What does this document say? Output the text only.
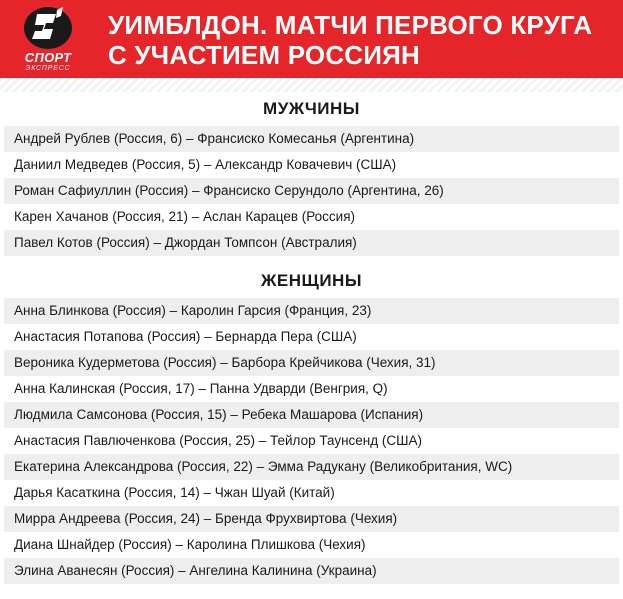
СПОРТ
ЭКСПРЕСС
УИМБЛДОН. МАТЧИ ПЕРВОГО КРУГА
С УЧАСТИЕМ РОССИЯН
МУЖЧИНЫ
Андрей Рублев (Россия, 6) – Франсиско Комесанья (Аргентина)
Даниил Медведев (Россия, 5) – Александр Ковачевич (США)
Роман Сафиуллин (Россия) – Франсиско Серундоло (Аргентина, 26)
Карен Хачанов (Россия, 21) – Аслан Карацев (Россия)
Павел Котов (Россия) – Джордан Томпсон (Австралия)
ЖЕНЩИНЫ
Анна Блинкова (Россия) – Каролин Гарсия (Франция, 23)
Анастасия Потапова (Россия) – Бернарда Пера (США)
Вероника Кудерметова (Россия) – Барбора Крейчикова (Чехия, 31)
Анна Калинская (Россия, 17) – Панна Удварди (Венгрия, Q)
Людмила Самсонова (Россия, 15) – Ребека Машарова (Испания)
Анастасия Павлюченкова (Россия, 25) – Тейлор Таунсенд (США)
Екатерина Александрова (Россия, 22) – Эмма Радукану (Великобритания, WC)
Дарья Касаткина (Россия, 14) – Чжан Шуай (Китай)
Мирра Андреева (Россия, 24) – Бренда Фрухвиртова (Чехия)
Диана Шнайдер (Россия) – Каролина Плишкова (Чехия)
Элина Аванесян (Россия) – Ангелина Калинина (Украина)
